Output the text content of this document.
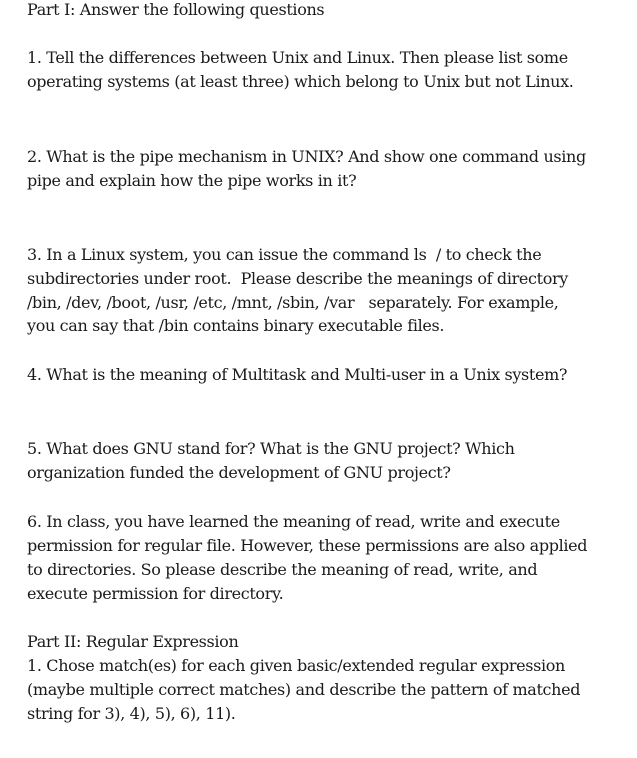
Part I: Answer the following questions
1. Tell the differences between Unix and Linux. Then please list some
operating systems (at least three) which belong to Unix but not Linux.
2. What is the pipe mechanism in UNIX? And show one command using
pipe and explain how the pipe works in it?
3. In a Linux system, you can issue the command ls  / to check the
subdirectories under root.  Please describe the meanings of directory
/bin, /dev, /boot, /usr, /etc, /mnt, /sbin, /var   separately. For example,
you can say that /bin contains binary executable files.
4. What is the meaning of Multitask and Multi-user in a Unix system?
5. What does GNU stand for? What is the GNU project? Which
organization funded the development of GNU project?
6. In class, you have learned the meaning of read, write and execute
permission for regular file. However, these permissions are also applied
to directories. So please describe the meaning of read, write, and
execute permission for directory.
Part II: Regular Expression
1. Chose match(es) for each given basic/extended regular expression
(maybe multiple correct matches) and describe the pattern of matched
string for 3), 4), 5), 6), 11).
